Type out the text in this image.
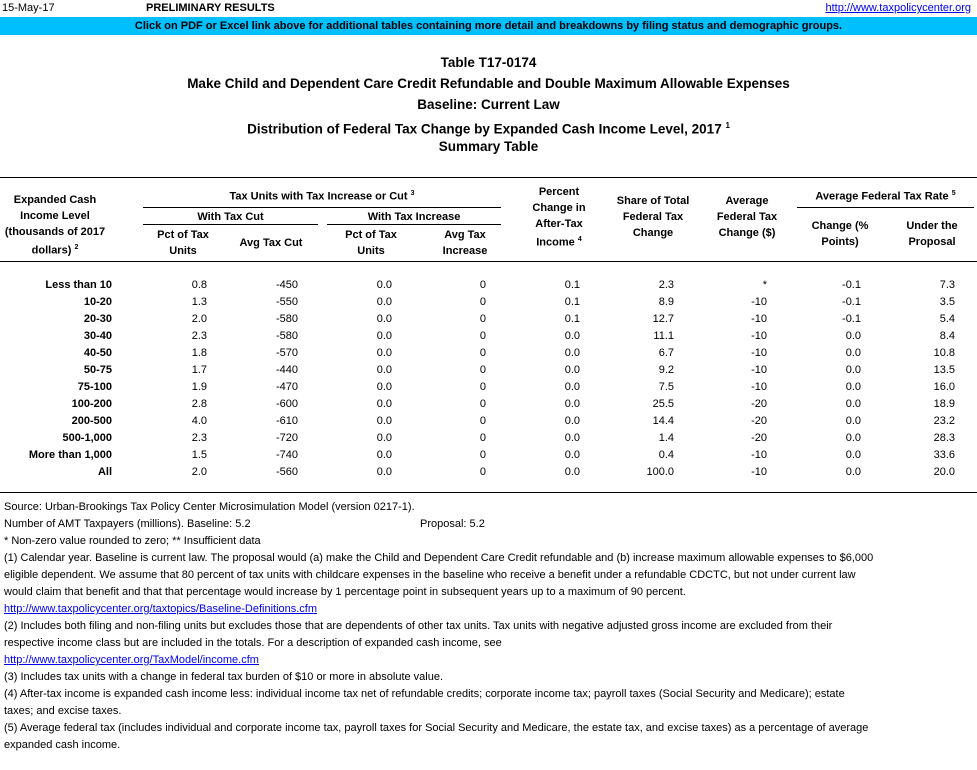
15-May-17	PRELIMINARY RESULTS	http://www.taxpolicycenter.org
Click on PDF or Excel link above for additional tables containing more detail and breakdowns by filing status and demographic groups.
Table T17-0174
Make Child and Dependent Care Credit Refundable and Double Maximum Allowable Expenses
Baseline: Current Law
Distribution of Federal Tax Change by Expanded Cash Income Level, 2017 $^1$
Summary Table
Expanded Cash Income Level (thousands of 2017 dollars) $^2$
Tax Units with Tax Increase or Cut $^3$
With Tax Cut	With Tax Increase
Pct of Tax Units
Avg Tax Cut
Pct of Tax Units
Avg Tax Increase
Percent Change in After-Tax Income $^4$
Share of Total Federal Tax Change
Average Federal Tax Change ($)
Average Federal Tax Rate $^5$
Change (% Points)
Under the Proposal
Less than 10	0.8	-450	0.0	0	0.1	2.3	*	-0.1	7.3
10-20	1.3	-550	0.0	0	0.1	8.9	-10	-0.1	3.5
20-30	2.0	-580	0.0	0	0.1	12.7	-10	-0.1	5.4
30-40	2.3	-580	0.0	0	0.0	11.1	-10	0.0	8.4
40-50	1.8	-570	0.0	0	0.0	6.7	-10	0.0	10.8
50-75	1.7	-440	0.0	0	0.0	9.2	-10	0.0	13.5
75-100	1.9	-470	0.0	0	0.0	7.5	-10	0.0	16.0
100-200	2.8	-600	0.0	0	0.0	25.5	-20	0.0	18.9
200-500	4.0	-610	0.0	0	0.0	14.4	-20	0.0	23.2
500-1,000	2.3	-720	0.0	0	0.0	1.4	-20	0.0	28.3
More than 1,000	1.5	-740	0.0	0	0.0	0.4	-10	0.0	33.6
All	2.0	-560	0.0	0	0.0	100.0	-10	0.0	20.0
Source: Urban-Brookings Tax Policy Center Microsimulation Model (version 0217-1).
Number of AMT Taxpayers (millions). Baseline: 5.2	Proposal: 5.2
* Non-zero value rounded to zero; ** Insufficient data
(1) Calendar year. Baseline is current law. The proposal would (a) make the Child and Dependent Care Credit refundable and (b) increase maximum allowable expenses to $6,000
eligible dependent. We assume that 80 percent of tax units with childcare expenses in the baseline who receive a benefit under a refundable CDCTC, but not under current law
would claim that benefit and that that percentage would increase by 1 percentage point in subsequent years up to a maximum of 90 percent.
http://www.taxpolicycenter.org/taxtopics/Baseline-Definitions.cfm
(2) Includes both filing and non-filing units but excludes those that are dependents of other tax units. Tax units with negative adjusted gross income are excluded from their
respective income class but are included in the totals. For a description of expanded cash income, see
http://www.taxpolicycenter.org/TaxModel/income.cfm
(3) Includes tax units with a change in federal tax burden of $10 or more in absolute value.
(4) After-tax income is expanded cash income less: individual income tax net of refundable credits; corporate income tax; payroll taxes (Social Security and Medicare); estate
taxes; and excise taxes.
(5) Average federal tax (includes individual and corporate income tax, payroll taxes for Social Security and Medicare, the estate tax, and excise taxes) as a percentage of average
expanded cash income.
